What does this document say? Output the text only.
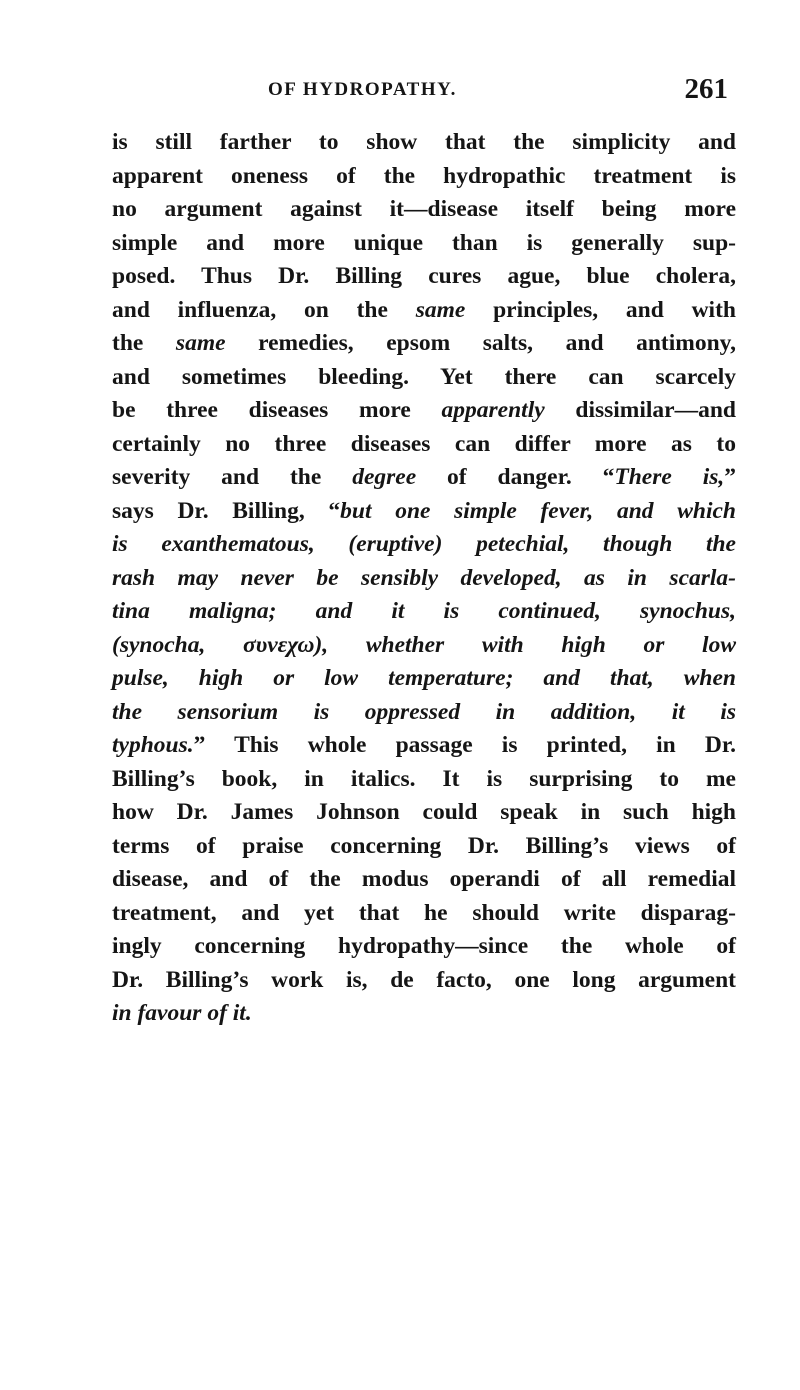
OF HYDROPATHY.	261
is still farther to show that the simplicity and
apparent oneness of the hydropathic treatment is
no argument against it—disease itself being more
simple and more unique than is generally sup-
posed. Thus Dr. Billing cures ague, blue cholera,
and influenza, on the same principles, and with
the same remedies, epsom salts, and antimony,
and sometimes bleeding. Yet there can scarcely
be three diseases more apparently dissimilar—and
certainly no three diseases can differ more as to
severity and the degree of danger. “There is,”
says Dr. Billing, “but one simple fever, and which
is exanthematous, (eruptive) petechial, though the
rash may never be sensibly developed, as in scarla-
tina maligna; and it is continued, synochus,
(synocha, συνεχω), whether with high or low
pulse, high or low temperature; and that, when
the sensorium is oppressed in addition, it is
typhous.” This whole passage is printed, in Dr.
Billing’s book, in italics. It is surprising to me
how Dr. James Johnson could speak in such high
terms of praise concerning Dr. Billing’s views of
disease, and of the modus operandi of all remedial
treatment, and yet that he should write disparag-
ingly concerning hydropathy—since the whole of
Dr. Billing’s work is, de facto, one long argument
in favour of it.
